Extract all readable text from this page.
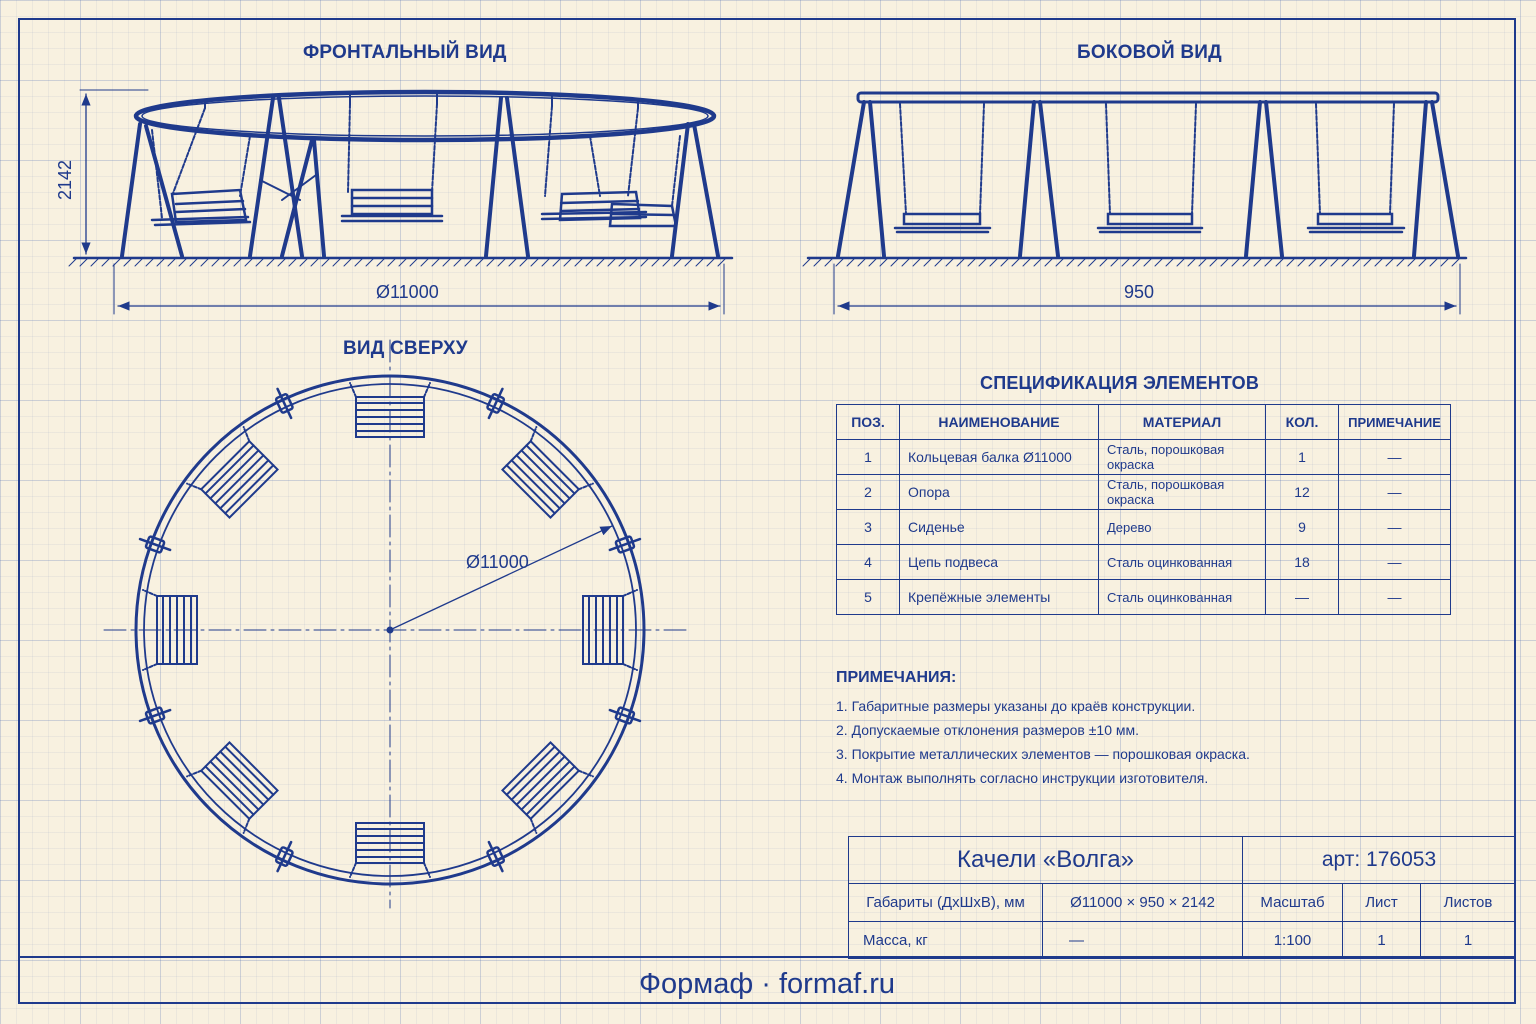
ФРОНТАЛЬНЫЙ ВИД	БОКОВОЙ ВИД
ВИД СВЕРХУ
2142
Ø11000	950
Ø11000
СПЕЦИФИКАЦИЯ ЭЛЕМЕНТОВ
ПОЗ.	НАИМЕНОВАНИЕ	МАТЕРИАЛ	КОЛ.	ПРИМЕЧАНИЕ
1	Кольцевая балка Ø11000	Сталь, порошковая окраска	1	—
2	Опора	Сталь, порошковая окраска	12	—
3	Сиденье	Дерево	9	—
4	Цепь подвеса	Сталь оцинкованная	18	—
5	Крепёжные элементы	Сталь оцинкованная	—	—
ПРИМЕЧАНИЯ:
1. Габаритные размеры указаны до краёв конструкции.
2. Допускаемые отклонения размеров ±10 мм.
3. Покрытие металлических элементов — порошковая окраска.
4. Монтаж выполнять согласно инструкции изготовителя.
Качели «Волга»		арт: 176053		
Габариты (ДхШхВ), мм	Ø11000 × 950 × 2142	Масштаб	Лист	Листов
Масса, кг	—	1:100	1	1
Формаф · formaf.ru
